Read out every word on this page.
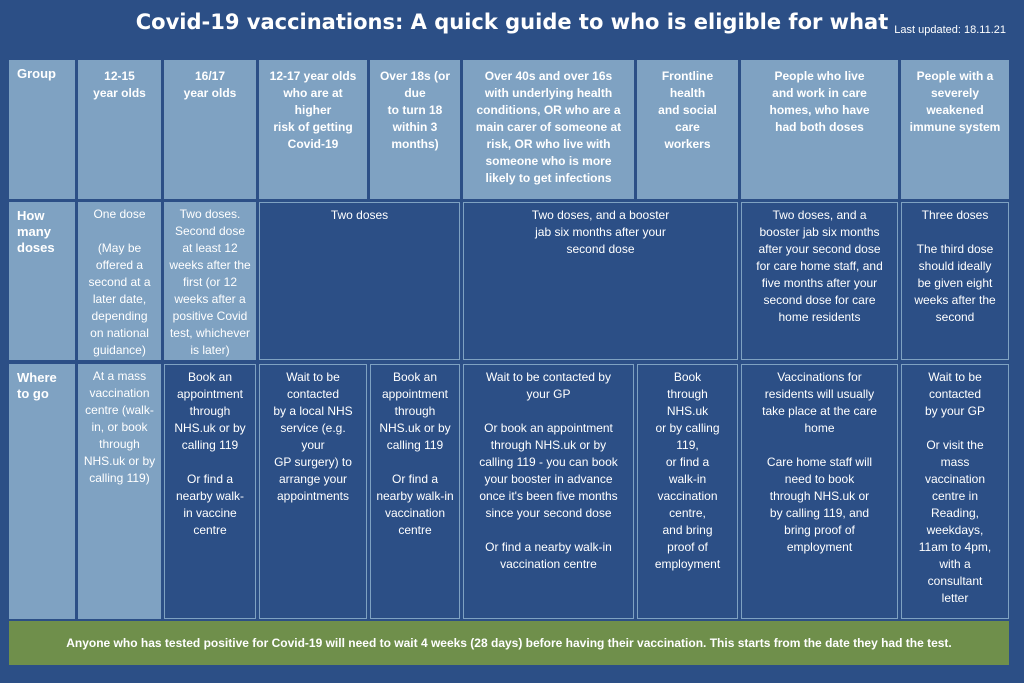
Covid-19 vaccinations: A quick guide to who is eligible for what Last updated: 18.11.21
Group
How
many
doses
Where
to go
12-15
year olds
16/17
year olds
12-17 year olds
who are at
higher
risk of getting
Covid-19
Over 18s (or
due
to turn 18
within 3
months)
Over 40s and over 16s
with underlying health
conditions, OR who are a
main carer of someone at
risk, OR who live with
someone who is more
likely to get infections
Frontline
health
and social
care
workers
People who live
and work in care
homes, who have
had both doses
People with a
severely
weakened
immune system
One dose

(May be
offered a
second at a
later date,
depending
on national
guidance)
Two doses.
Second dose
at least 12
weeks after the
first (or 12
weeks after a
positive Covid
test, whichever
is later)
Two doses	Two doses, and a booster
jab six months after your
second dose
Two doses, and a
booster jab six months
after your second dose
for care home staff, and
five months after your
second dose for care
home residents
Three doses

The third dose
should ideally
be given eight
weeks after the
second
At a mass
vaccination
centre (walk-
in, or book
through
NHS.uk or by
calling 119)
Book an
appointment
through
NHS.uk or by
calling 119

Or find a
nearby walk-
in vaccine
centre
Wait to be
contacted
by a local NHS
service (e.g.
your
GP surgery) to
arrange your
appointments
Book an
appointment
through
NHS.uk or by
calling 119

Or find a
nearby walk-in
vaccination
centre
Wait to be contacted by
your GP

Or book an appointment
through NHS.uk or by
calling 119 - you can book
your booster in advance
once it's been five months
since your second dose

Or find a nearby walk-in
vaccination centre
Book
through
NHS.uk
or by calling
119,
or find a
walk-in
vaccination
centre,
and bring
proof of
employment
Vaccinations for
residents will usually
take place at the care
home

Care home staff will
need to book
through NHS.uk or
by calling 119, and
bring proof of
employment
Wait to be
contacted
by your GP

Or visit the
mass
vaccination
centre in
Reading,
weekdays,
11am to 4pm,
with a
consultant
letter
Anyone who has tested positive for Covid-19 will need to wait 4 weeks (28 days) before having their vaccination. This starts from the date they had the test.
